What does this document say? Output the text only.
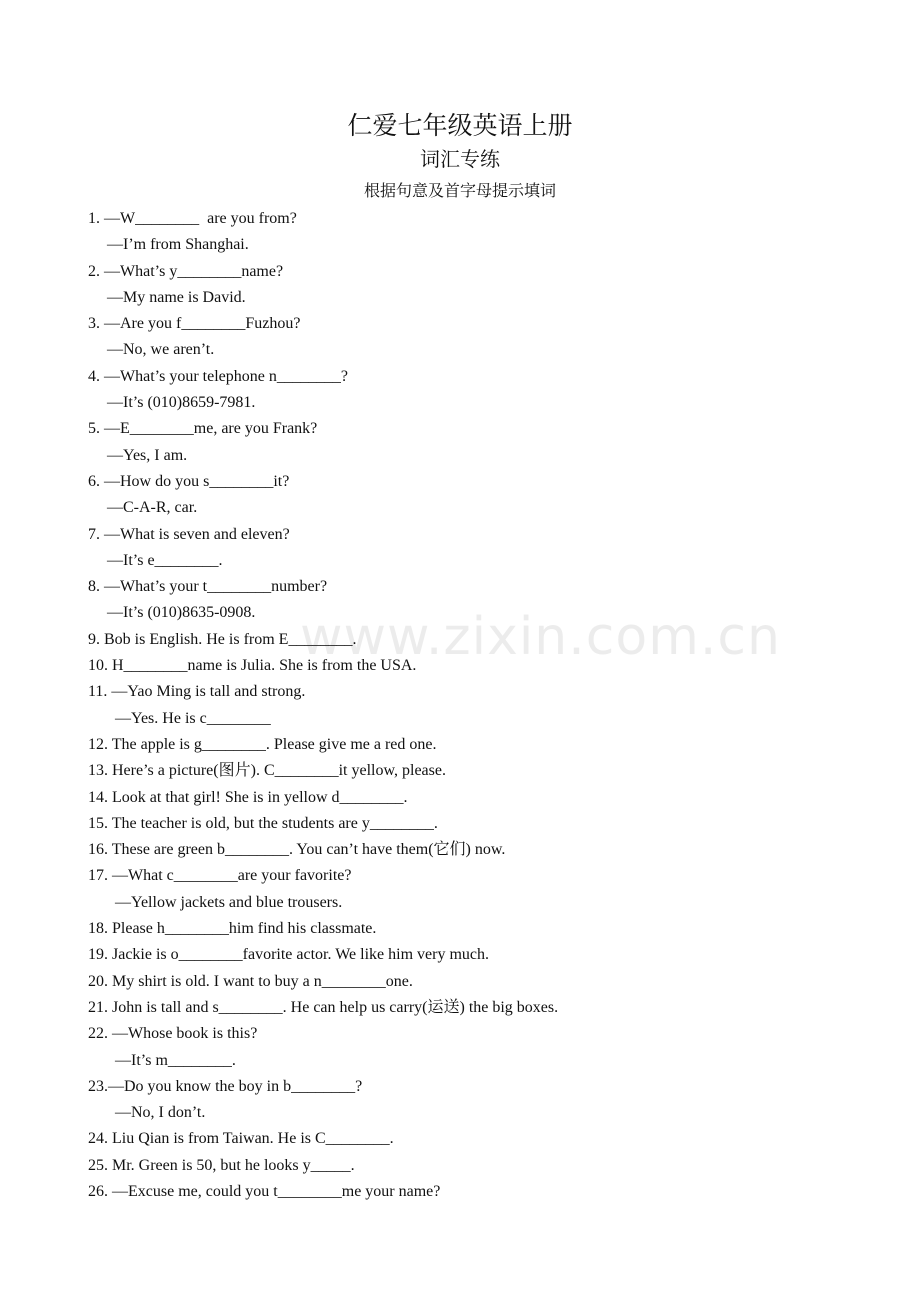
仁爱七年级英语上册
词汇专练

根据句意及首字母提示填词

www.zixin.com.cn

1. —W________  are you from?

—I’m from Shanghai.

2. —What’s y________name?

—My name is David.

3. —Are you f________Fuzhou?

—No, we aren’t.

4. —What’s your telephone n________?

—It’s (010)8659-7981.

5. —E________me, are you Frank?

—Yes, I am.

6. —How do you s________it?

—C-A-R, car.

7. —What is seven and eleven?

—It’s e________.

8. —What’s your t________number?

—It’s (010)8635-0908.

9. Bob is English. He is from E________.

10. H________name is Julia. She is from the USA.

11. —Yao Ming is tall and strong.

—Yes. He is c________

12. The apple is g________. Please give me a red one.

13. Here’s a picture(图片). C________it yellow, please.

14. Look at that girl! She is in yellow d________.

15. The teacher is old, but the students are y________.

16. These are green b________. You can’t have them(它们) now.

17. —What c________are your favorite?

—Yellow jackets and blue trousers.

18. Please h________him find his classmate.

19. Jackie is o________favorite actor. We like him very much.

20. My shirt is old. I want to buy a n________one.

21. John is tall and s________. He can help us carry(运送) the big boxes.

22. —Whose book is this?

—It’s m________.

23.—Do you know the boy in b________?

—No, I don’t.

24. Liu Qian is from Taiwan. He is C________.

25. Mr. Green is 50, but he looks y_____.

26. —Excuse me, could you t________me your name?
